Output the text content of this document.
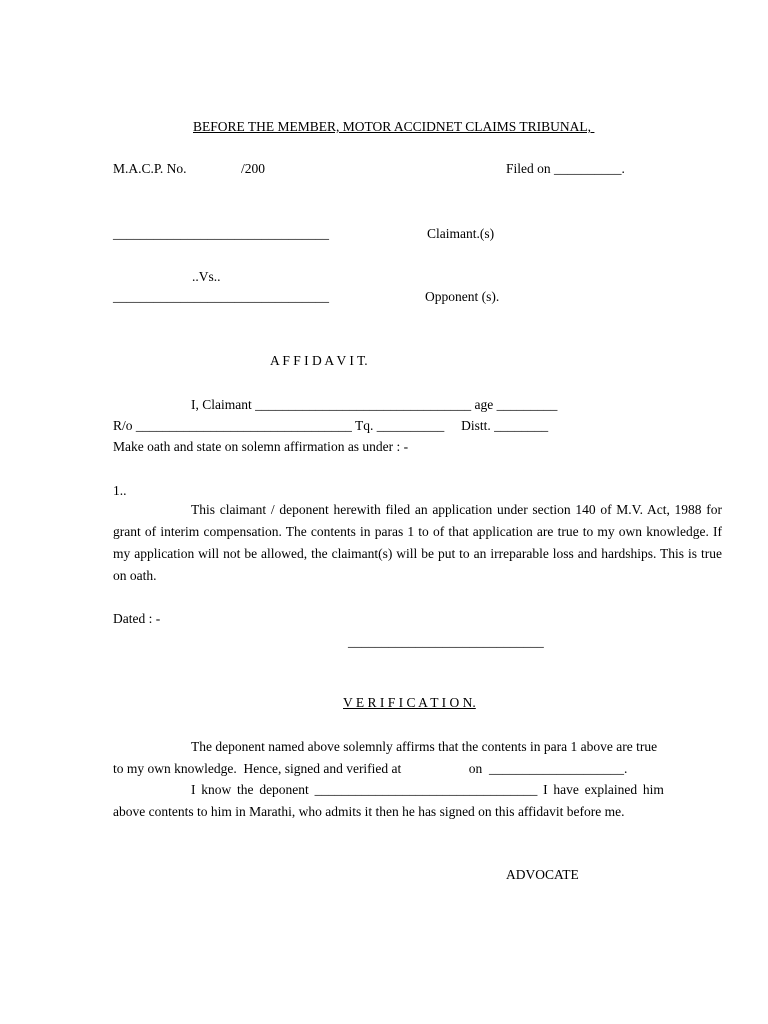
BEFORE THE MEMBER, MOTOR ACCIDNET CLAIMS TRIBUNAL,
M.A.C.P. No.	/200	Filed on __________.
________________________________	Claimant.(s)
..Vs..
________________________________	Opponent (s).
A F F I D A V I T.
I, Claimant ________________________________ age _________
R/o ________________________________ Tq. __________     Distt. ________
Make oath and state on solemn affirmation as under : -
1..
This claimant / deponent herewith filed an application under section 140 of M.V. Act, 1988 for grant of interim compensation. The contents in paras 1 to of that application are true to my own knowledge. If my application will not be allowed, the claimant(s) will be put to an irreparable loss and hardships. This is true on oath.
Dated : -
_____________________________
V E R I F I C A T I O N.
The deponent named above solemnly affirms that the contents in para 1 above are true
to my own knowledge.  Hence, signed and verified at                    on  ____________________.
I know the deponent _________________________________ I have explained him
above contents to him in Marathi, who admits it then he has signed on this affidavit before me.
ADVOCATE
